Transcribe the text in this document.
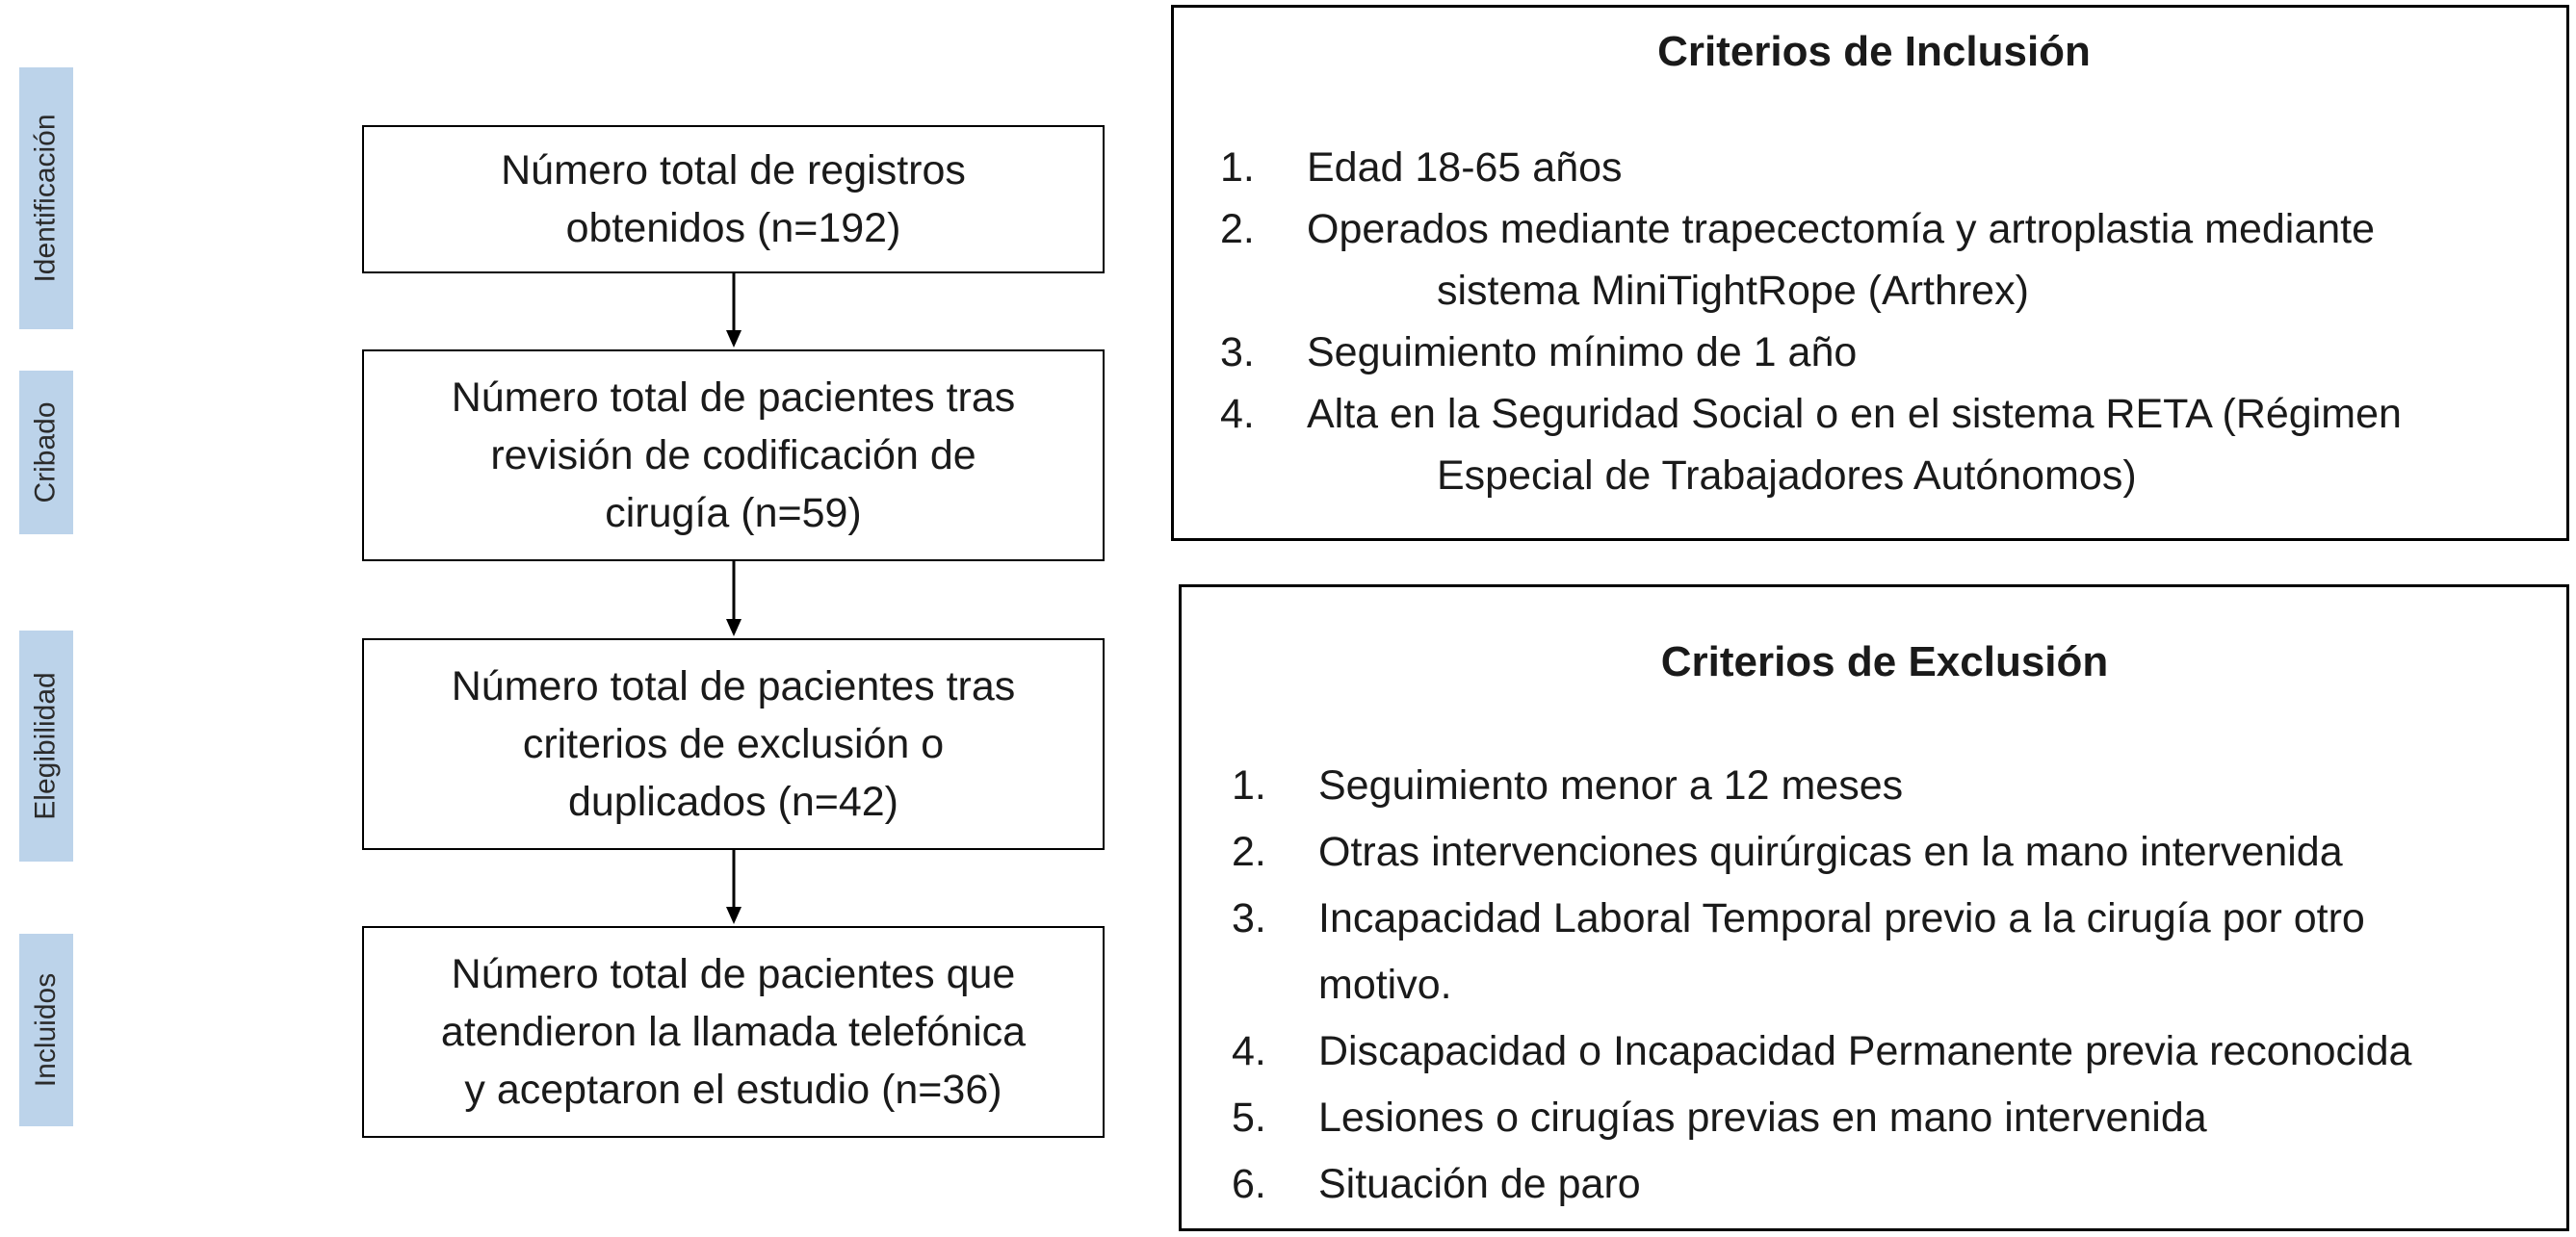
Identificación
Cribado
Elegibilidad
Incluidos
Número total de registros
obtenidos (n=192)
Número total de pacientes tras
revisión de codificación de
cirugía (n=59)
Número total de pacientes tras
criterios de exclusión o
duplicados (n=42)
Número total de pacientes que
atendieron la llamada telefónica
y aceptaron el estudio (n=36)
Criterios de Inclusión
1.	Edad 18-65 años
2.	Operados mediante trapecectomía y artroplastia mediante
sistema MiniTightRope (Arthrex)
3.	Seguimiento mínimo de 1 año
4.	Alta en la Seguridad Social o en el sistema RETA (Régimen
Especial de Trabajadores Autónomos)
Criterios de Exclusión
1.	Seguimiento menor a 12 meses
2.	Otras intervenciones quirúrgicas en la mano intervenida
3.	Incapacidad Laboral Temporal previo a la cirugía por otro
motivo.
4.	Discapacidad o Incapacidad Permanente previa reconocida
5.	Lesiones o cirugías previas en mano intervenida
6.	Situación de paro
